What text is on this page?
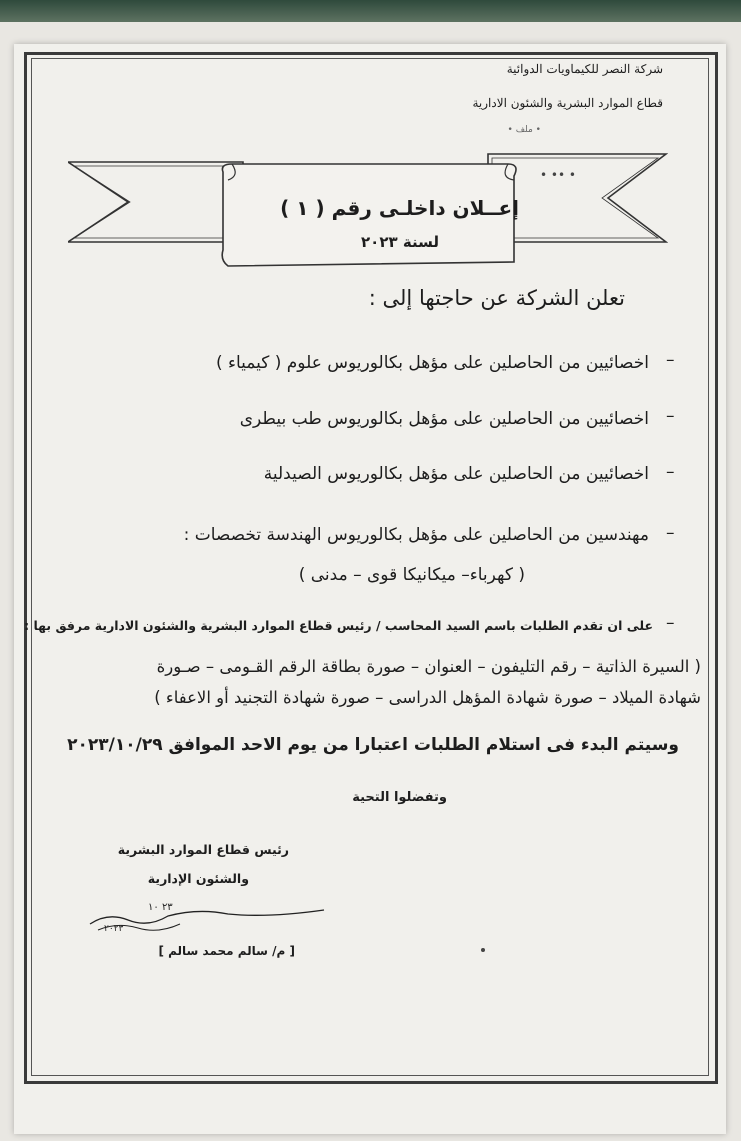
شركة النصر للكيماويات الدوائية
قطاع الموارد البشرية والشئون الادارية
• ملف •
• •• •
إعــلان داخلـى رقم ( ١ )
لسنة ٢٠٢٣
تعلن الشركة عن حاجتها إلى :
–
اخصائيين من الحاصلين على مؤهل بكالوريوس علوم ( كيمياء )
–
اخصائيين من الحاصلين على مؤهل بكالوريوس طب بيطرى
–
اخصائيين من الحاصلين على مؤهل بكالوريوس الصيدلية
–
مهندسين من الحاصلين على مؤهل بكالوريوس الهندسة تخصصات :
( كهرباء– ميكانيكا قوى – مدنى )
–
على ان تقدم الطلبات باسم السيد المحاسب / رئيس قطاع الموارد البشرية والشئون الادارية مرفق بها :
( السيرة الذاتية – رقم التليفون – العنوان – صورة بطاقة الرقم القـومى – صـورة
شهادة الميلاد – صورة شهادة المؤهل الدراسى – صورة شهادة التجنيد أو الاعفاء )
وسيتم البدء فى استلام الطلبات اعتبارا من يوم الاحد الموافق ٢٠٢٣/١٠/٢٩
وتفضلوا التحية
رئيس قطاع الموارد البشرية
والشئون الإدارية
٢٣ ١٠
٢٠٢٣
[ م/ سالم محمد سالم ]
